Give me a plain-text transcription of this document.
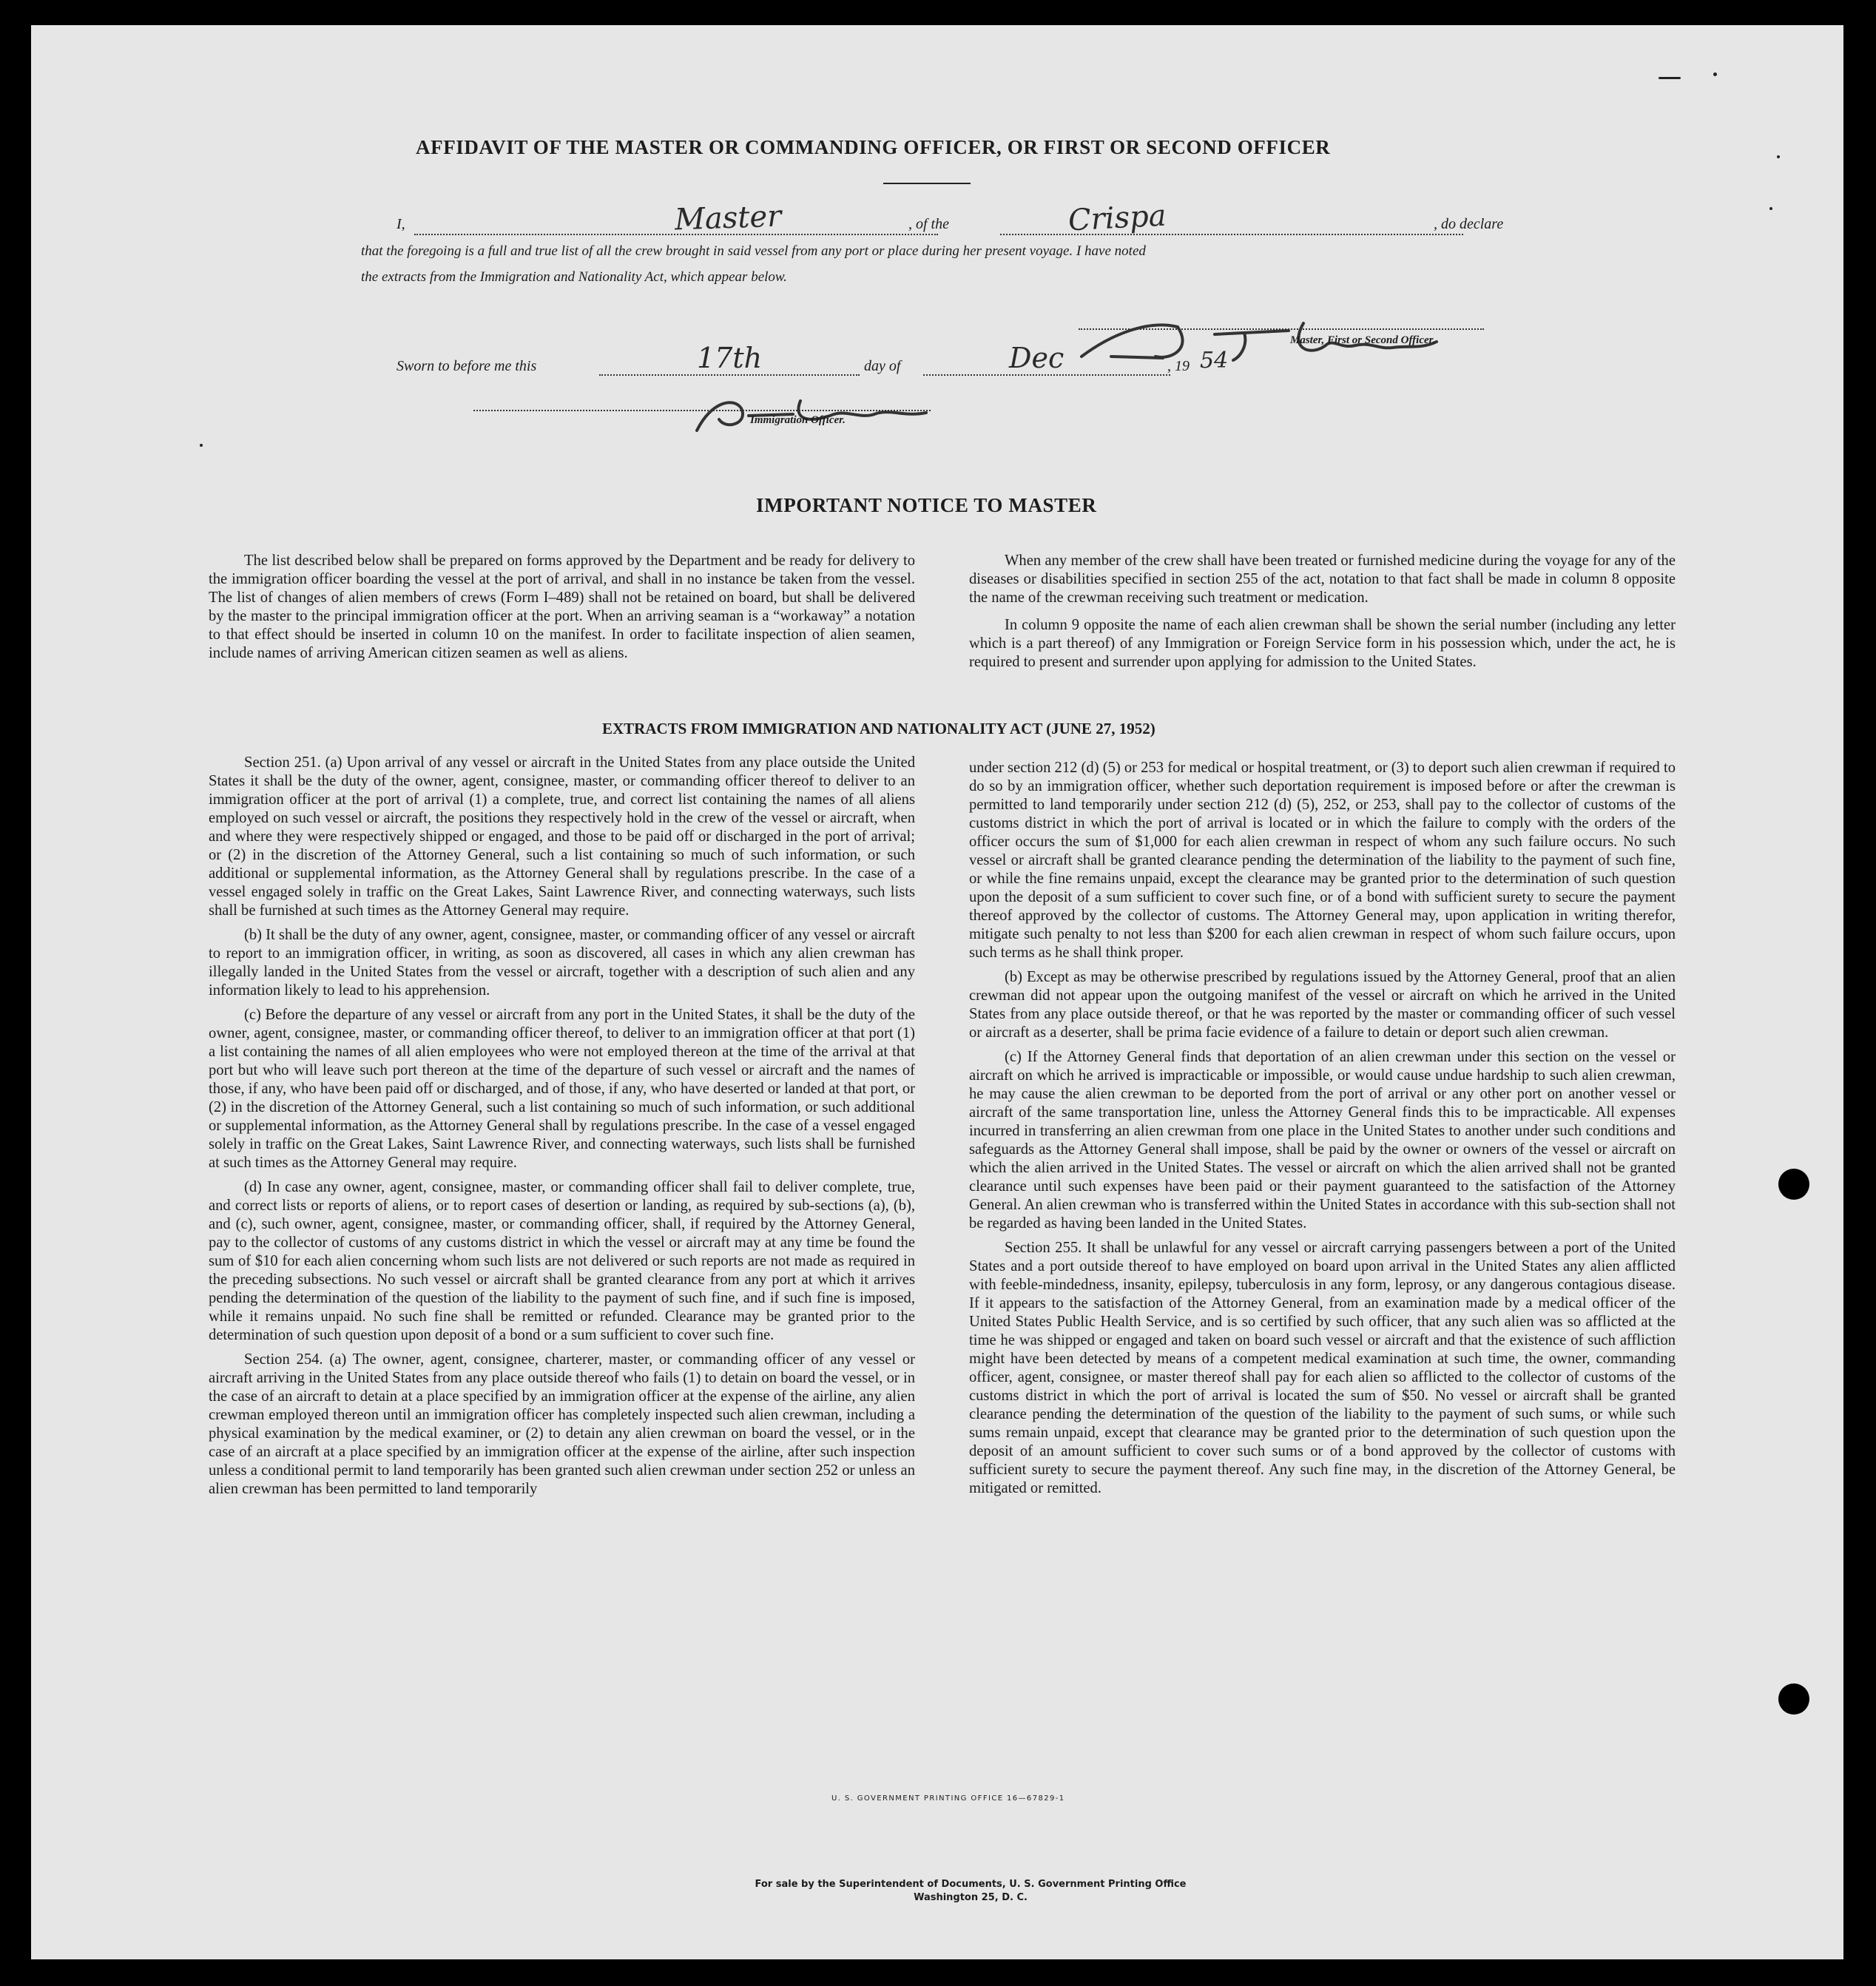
AFFIDAVIT OF THE MASTER OR COMMANDING OFFICER, OR FIRST OR SECOND OFFICER
I,	Master	, of the	Crispa	, do declare
that the foregoing is a full and true list of all the crew brought in said vessel from any port or place during her present voyage. I have noted
the extracts from the Immigration and Nationality Act, which appear below.
Master, First or Second Officer.
Sworn to before me this	17th	day of	Dec	, 19 54
Immigration Officer.
IMPORTANT NOTICE TO MASTER

The list described below shall be prepared on forms approved by the Department and be ready for delivery to the immigration officer boarding the vessel at the port of arrival, and shall in no instance be taken from the vessel. The list of changes of alien members of crews (Form I–489) shall not be retained on board, but shall be delivered by the master to the principal immigration officer at the port. When an arriving seaman is a “workaway” a notation to that effect should be inserted in column 10 on the manifest. In order to facilitate inspection of alien seamen, include names of arriving American citizen seamen as well as aliens.

When any member of the crew shall have been treated or furnished medicine during the voyage for any of the diseases or disabilities specified in section 255 of the act, notation to that fact shall be made in column 8 opposite the name of the crewman receiving such treatment or medication.

In column 9 opposite the name of each alien crewman shall be shown the serial number (including any letter which is a part thereof) of any Immigration or Foreign Service form in his possession which, under the act, he is required to present and surrender upon applying for admission to the United States.

EXTRACTS FROM IMMIGRATION AND NATIONALITY ACT (JUNE 27, 1952)

Section 251. (a) Upon arrival of any vessel or aircraft in the United States from any place outside the United States it shall be the duty of the owner, agent, consignee, master, or commanding officer thereof to deliver to an immigration officer at the port of arrival (1) a complete, true, and correct list containing the names of all aliens employed on such vessel or aircraft, the positions they respectively hold in the crew of the vessel or aircraft, when and where they were respectively shipped or engaged, and those to be paid off or discharged in the port of arrival; or (2) in the discretion of the Attorney General, such a list containing so much of such information, or such additional or supplemental information, as the Attorney General shall by regulations prescribe. In the case of a vessel engaged solely in traffic on the Great Lakes, Saint Lawrence River, and connecting waterways, such lists shall be furnished at such times as the Attorney General may require.

(b) It shall be the duty of any owner, agent, consignee, master, or commanding officer of any vessel or aircraft to report to an immigration officer, in writing, as soon as discovered, all cases in which any alien crewman has illegally landed in the United States from the vessel or aircraft, together with a description of such alien and any information likely to lead to his apprehension.

(c) Before the departure of any vessel or aircraft from any port in the United States, it shall be the duty of the owner, agent, consignee, master, or commanding officer thereof, to deliver to an immigration officer at that port (1) a list containing the names of all alien employees who were not employed thereon at the time of the arrival at that port but who will leave such port thereon at the time of the departure of such vessel or aircraft and the names of those, if any, who have been paid off or discharged, and of those, if any, who have deserted or landed at that port, or (2) in the discretion of the Attorney General, such a list containing so much of such information, or such additional or supplemental information, as the Attorney General shall by regulations prescribe. In the case of a vessel engaged solely in traffic on the Great Lakes, Saint Lawrence River, and connecting waterways, such lists shall be furnished at such times as the Attorney General may require.

(d) In case any owner, agent, consignee, master, or commanding officer shall fail to deliver complete, true, and correct lists or reports of aliens, or to report cases of desertion or landing, as required by sub-sections (a), (b), and (c), such owner, agent, consignee, master, or commanding officer, shall, if required by the Attorney General, pay to the collector of customs of any customs district in which the vessel or aircraft may at any time be found the sum of $10 for each alien concerning whom such lists are not delivered or such reports are not made as required in the preceding subsections. No such vessel or aircraft shall be granted clearance from any port at which it arrives pending the determination of the question of the liability to the payment of such fine, and if such fine is imposed, while it remains unpaid. No such fine shall be remitted or refunded. Clearance may be granted prior to the determination of such question upon deposit of a bond or a sum sufficient to cover such fine.

Section 254. (a) The owner, agent, consignee, charterer, master, or commanding officer of any vessel or aircraft arriving in the United States from any place outside thereof who fails (1) to detain on board the vessel, or in the case of an aircraft to detain at a place specified by an immigration officer at the expense of the airline, any alien crewman employed thereon until an immigration officer has completely inspected such alien crewman, including a physical examination by the medical examiner, or (2) to detain any alien crewman on board the vessel, or in the case of an aircraft at a place specified by an immigration officer at the expense of the airline, after such inspection unless a conditional permit to land temporarily has been granted such alien crewman under section 252 or unless an alien crewman has been permitted to land temporarily

under section 212 (d) (5) or 253 for medical or hospital treatment, or (3) to deport such alien crewman if required to do so by an immigration officer, whether such deportation requirement is imposed before or after the crewman is permitted to land temporarily under section 212 (d) (5), 252, or 253, shall pay to the collector of customs of the customs district in which the port of arrival is located or in which the failure to comply with the orders of the officer occurs the sum of $1,000 for each alien crewman in respect of whom any such failure occurs. No such vessel or aircraft shall be granted clearance pending the determination of the liability to the payment of such fine, or while the fine remains unpaid, except the clearance may be granted prior to the determination of such question upon the deposit of a sum sufficient to cover such fine, or of a bond with sufficient surety to secure the payment thereof approved by the collector of customs. The Attorney General may, upon application in writing therefor, mitigate such penalty to not less than $200 for each alien crewman in respect of whom such failure occurs, upon such terms as he shall think proper.

(b) Except as may be otherwise prescribed by regulations issued by the Attorney General, proof that an alien crewman did not appear upon the outgoing manifest of the vessel or aircraft on which he arrived in the United States from any place outside thereof, or that he was reported by the master or commanding officer of such vessel or aircraft as a deserter, shall be prima facie evidence of a failure to detain or deport such alien crewman.

(c) If the Attorney General finds that deportation of an alien crewman under this section on the vessel or aircraft on which he arrived is impracticable or impossible, or would cause undue hardship to such alien crewman, he may cause the alien crewman to be deported from the port of arrival or any other port on another vessel or aircraft of the same transportation line, unless the Attorney General finds this to be impracticable. All expenses incurred in transferring an alien crewman from one place in the United States to another under such conditions and safeguards as the Attorney General shall impose, shall be paid by the owner or owners of the vessel or aircraft on which the alien arrived in the United States. The vessel or aircraft on which the alien arrived shall not be granted clearance until such expenses have been paid or their payment guaranteed to the satisfaction of the Attorney General. An alien crewman who is transferred within the United States in accordance with this sub-section shall not be regarded as having been landed in the United States.

Section 255. It shall be unlawful for any vessel or aircraft carrying passengers between a port of the United States and a port outside thereof to have employed on board upon arrival in the United States any alien afflicted with feeble-mindedness, insanity, epilepsy, tuberculosis in any form, leprosy, or any dangerous contagious disease. If it appears to the satisfaction of the Attorney General, from an examination made by a medical officer of the United States Public Health Service, and is so certified by such officer, that any such alien was so afflicted at the time he was shipped or engaged and taken on board such vessel or aircraft and that the existence of such affliction might have been detected by means of a competent medical examination at such time, the owner, commanding officer, agent, consignee, or master thereof shall pay for each alien so afflicted to the collector of customs of the customs district in which the port of arrival is located the sum of $50. No vessel or aircraft shall be granted clearance pending the determination of the question of the liability to the payment of such sums, or while such sums remain unpaid, except that clearance may be granted prior to the determination of such question upon the deposit of an amount sufficient to cover such sums or of a bond approved by the collector of customs with sufficient surety to secure the payment thereof. Any such fine may, in the discretion of the Attorney General, be mitigated or remitted.

U. S. GOVERNMENT PRINTING OFFICE 16—67829-1
For sale by the Superintendent of Documents, U. S. Government Printing Office
Washington 25, D. C.
